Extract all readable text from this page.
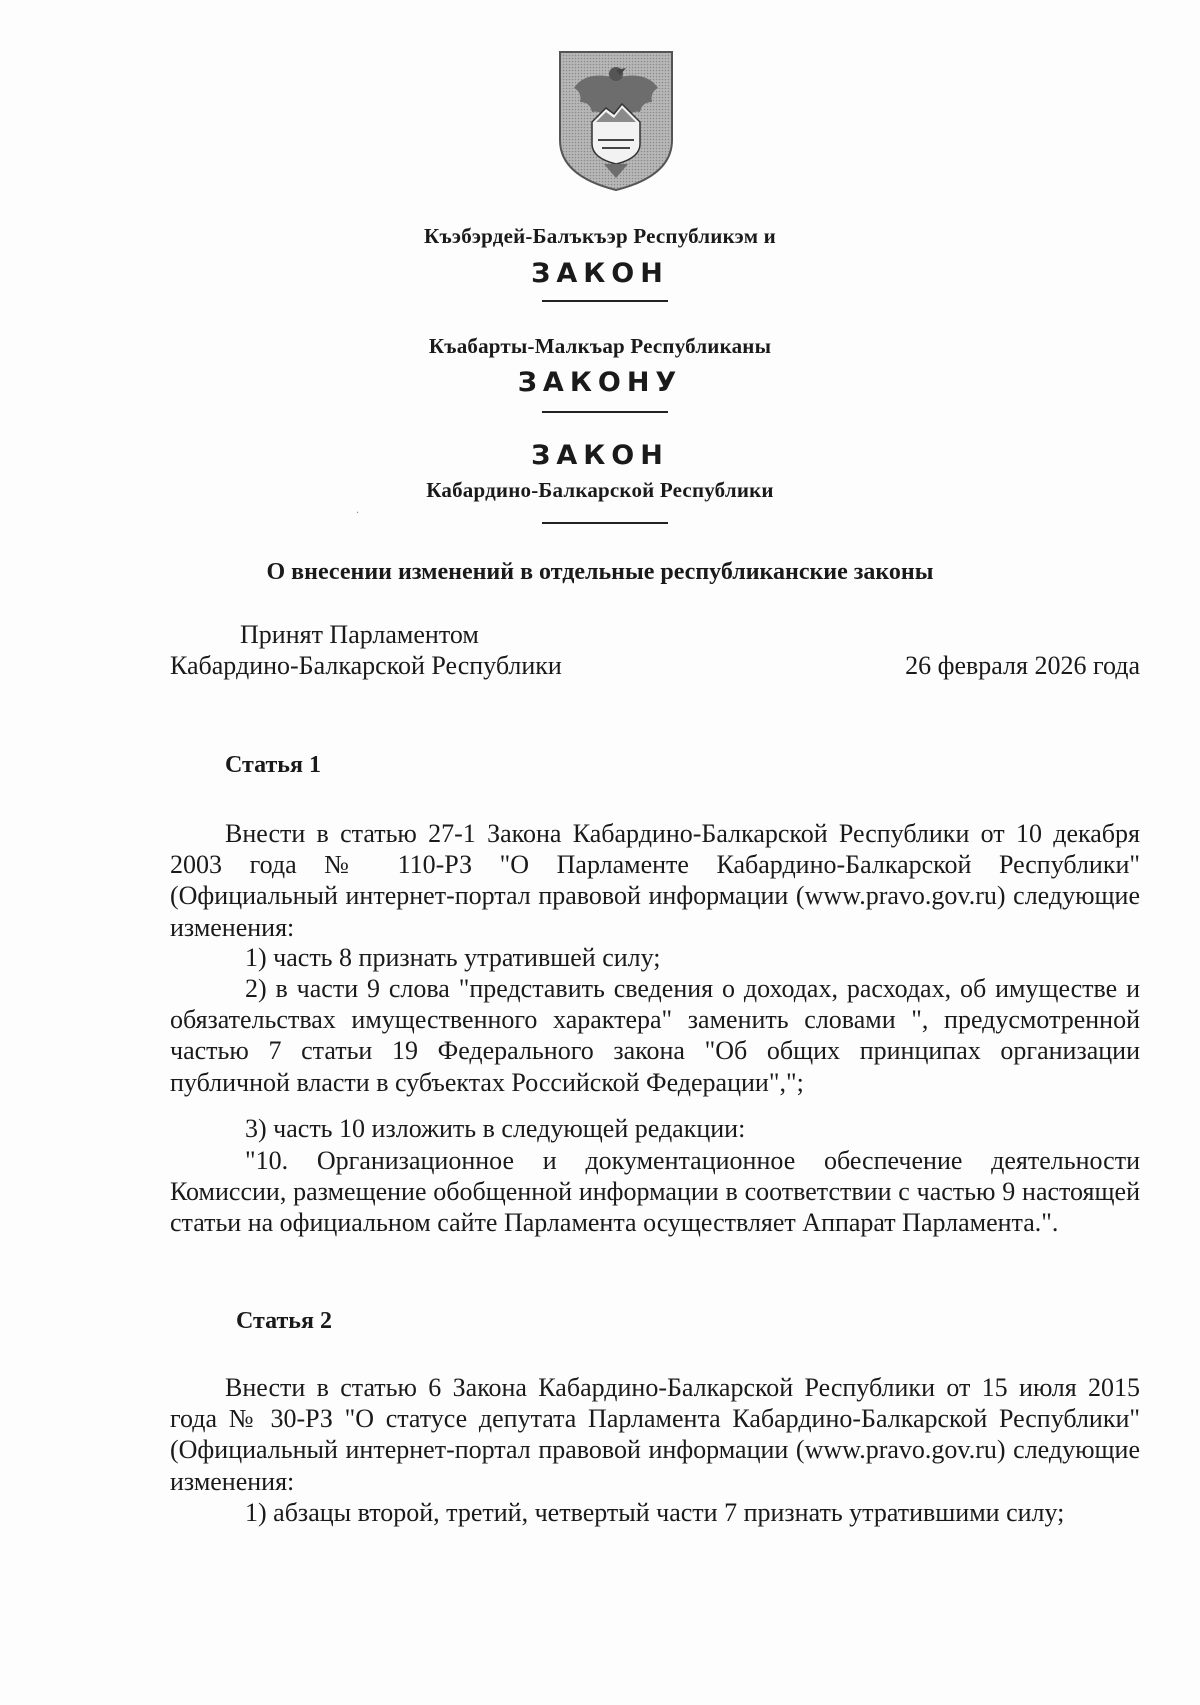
Къэбэрдей-Балъкъэр Республикэм и
ЗАКОН
Къабарты-Малкъар Республиканы
ЗАКОНУ
ЗАКОН
Кабардино-Балкарской Республики
.
О внесении изменений в отдельные республиканские законы
Принят Парламентом
Кабардино-Балкарской Республики	26 февраля 2026 года
Статья 1

Внести в статью 27-1 Закона Кабардино-Балкарской Республики от 10 декабря 2003 года № 110-РЗ "О Парламенте Кабардино-Балкарской Республики" (Официальный интернет-портал правовой информации (www.pravo.gov.ru) следующие изменения:

1) часть 8 признать утратившей силу;

2) в части 9 слова "представить сведения о доходах, расходах, об имуществе и обязательствах имущественного характера" заменить словами ", предусмотренной частью 7 статьи 19 Федерального закона "Об общих принципах организации публичной власти в субъектах Российской Федерации",";

3) часть 10 изложить в следующей редакции:

"10. Организационное и документационное обеспечение деятельности Комиссии, размещение обобщенной информации в соответствии с частью 9 настоящей статьи на официальном сайте Парламента осуществляет Аппарат Парламента.".

Статья 2

Внести в статью 6 Закона Кабардино-Балкарской Республики от 15 июля 2015 года № 30-РЗ "О статусе депутата Парламента Кабардино-Балкарской Республики" (Официальный интернет-портал правовой информации (www.pravo.gov.ru) следующие изменения:

1) абзацы второй, третий, четвертый части 7 признать утратившими силу;
